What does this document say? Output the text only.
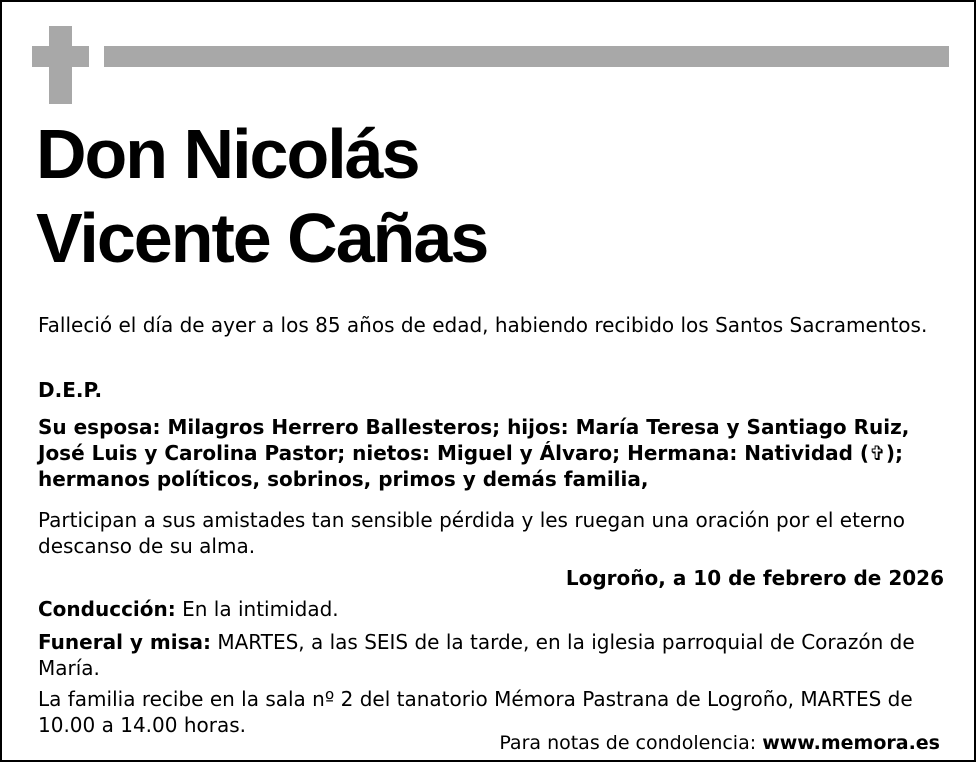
Don Nicolás
Vicente Cañas

Falleció el día de ayer a los 85 años de edad, habiendo recibido los Santos Sacramentos.

D.E.P.

Su esposa: Milagros Herrero Ballesteros; hijos: María Teresa y Santiago Ruiz, José Luis y Carolina Pastor; nietos: Miguel y Álvaro; Hermana: Natividad (✞); hermanos políticos, sobrinos, primos y demás familia,

Participan a sus amistades tan sensible pérdida y les ruegan una oración por el eterno descanso de su alma.

Logroño, a 10 de febrero de 2026

Conducción: En la intimidad.

Funeral y misa: MARTES, a las SEIS de la tarde, en la iglesia parroquial de Corazón de María.

La familia recibe en la sala nº 2 del tanatorio Mémora Pastrana de Logroño, MARTES de 10.00 a 14.00 horas.

Para notas de condolencia: www.memora.es
